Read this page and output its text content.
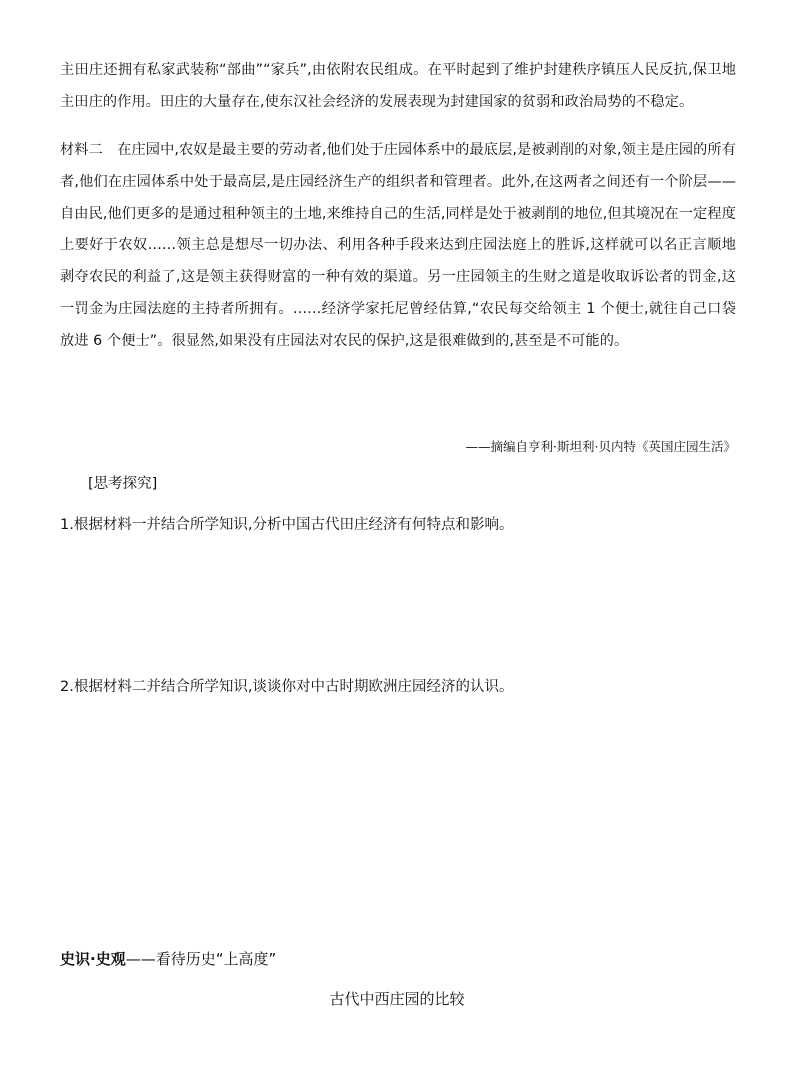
主田庄还拥有私家武装称“部曲”“家兵”,由依附农民组成。在平时起到了维护封建秩序镇压人民反抗,保卫地主田庄的作用。田庄的大量存在,使东汉社会经济的发展表现为封建国家的贫弱和政治局势的不稳定。

材料二  在庄园中,农奴是最主要的劳动者,他们处于庄园体系中的最底层,是被剥削的对象,领主是庄园的所有者,他们在庄园体系中处于最高层,是庄园经济生产的组织者和管理者。此外,在这两者之间还有一个阶层——自由民,他们更多的是通过租种领主的土地,来维持自己的生活,同样是处于被剥削的地位,但其境况在一定程度上要好于农奴……领主总是想尽一切办法、利用各种手段来达到庄园法庭上的胜诉,这样就可以名正言顺地剥夺农民的利益了,这是领主获得财富的一种有效的渠道。另一庄园领主的生财之道是收取诉讼者的罚金,这一罚金为庄园法庭的主持者所拥有。……经济学家托尼曾经估算,“农民每交给领主 1 个便士,就往自己口袋放进 6 个便士”。很显然,如果没有庄园法对农民的保护,这是很难做到的,甚至是不可能的。

——摘编自亨利·斯坦利·贝内特《英国庄园生活》
[思考探究]
1.根据材料一并结合所学知识,分析中国古代田庄经济有何特点和影响。
2.根据材料二并结合所学知识,谈谈你对中古时期欧洲庄园经济的认识。
史识·史观——看待历史“上高度”
古代中西庄园的比较
